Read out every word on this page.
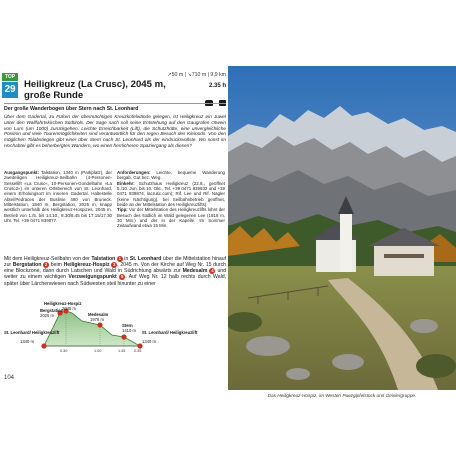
TOP
29
↗50 m | ↘710 m | 9,9 km
Heiligkreuz (La Crusc), 2045 m, große Runde
2.35 h

Der große Wanderbogen über Stern nach St. Leonhard
Über dem Gadertal, zu Füßen der übermächtigen Kreuzkofelwände gelegen, ist Heiligkreuz ein Juwel unter den Wallfahrtskirchen Südtirols. Der Sage nach soll seine Entstehung auf den Gaugrafen Otwein von Lurn (um 1000) zurückgehen. Leichte Erreichbarkeit (Lift), die Schutzhütte, eine unvergleichliche Position und viele Tourenmöglichkeiten sind verantwortlich für den regen Besuch des Kleinods. Von den möglichen Talabstiegen gibt einer über Stern nach St. Leonhard als der eindrucksvollste. Wo sonst im Hochabtei gibt es beherbergtes Wandern, wo einen herrlicheren Spaziergang als diesen?
Ausgangspunkt: Talstation, 1340 m (Parkplatz), der zweiteiligen Heiligkreuz-Seilbahn (4-Personen-Sessellift »La Crusc«, 10-Personen-Gondelbahn »La Crusc2«) im unteren Ortsbereich von St. Leonhard, einem Erholungsort im inneren Gadertal. Haltestelle Abtei/Pedraces der Buslinie 460 von Bruneck. Mittelstation, 1840 m, Bergstation, 2025 m, knapp westlich unterhalb des Heiligkreuz-Hospizes, 2045 m. Betrieb von 1./5. bis 14.10., 8.30/8.45 bis 17.15/17.30 Uhr. Tel. +39 0471 839077.
Anforderungen: Leichte, bequeme Wanderung bergab. Gut bez. Weg.
Einkehr: Schutzhaus Heiligkreuz (22.8., geöffnet 5./10. Jun. bis 10. Okt., Tel. +39 0471 839632 und +39 0471 839874, lacrusc.com); Rif. Lee und Rif. Nagler (keine Nächtigung), bei Seilbahnbetrieb geöffnet, beide an der Mittelstation des Heiligkreuzlifts).
Tipp: Vor der Mittelstation des Heiligkreuzlifts lohnt der Besuch des südlich im Wald gelegenen Lee (1818 m, 30 Min.) und der in der Kapelle. Im Sommer Zeitaufwand etwa 15 Min.
Mit dem Heiligkreuz-Seilbahn von der Talstation 1 in St. Leonhard über die Mittelstation hinauf zur Bergstation 2 beim Heiligkreuz-Hospiz 3 , 2045 m. Von der Kirche auf Weg Nr. 15 durch eine Blockzone, dann durch Latschen und Wald in Südrichtung abwärts zur Medesalm 4 und weiter zu einem wichtigen Verzweigungspunkt 5 . Auf Weg Nr. 12 halb rechts durch Wald, später über Lärchenwiesen nach Südwesten steil hinunter zu einer
Heiligkreuz-Hospiz
2045 m
Bergstation
2025 m	Medesalm
1976 m
Stern
1410 m
St. Leonhard/ Heiligkreuzlift
1340 m
St. Leonhard/ Heiligkreuzlift
1340 m
0.30	1.00	1.45 2.35
104
Das Heiligkreuz-Hospiz, im Westen Puezgipfelstock und Geislergruppe.
